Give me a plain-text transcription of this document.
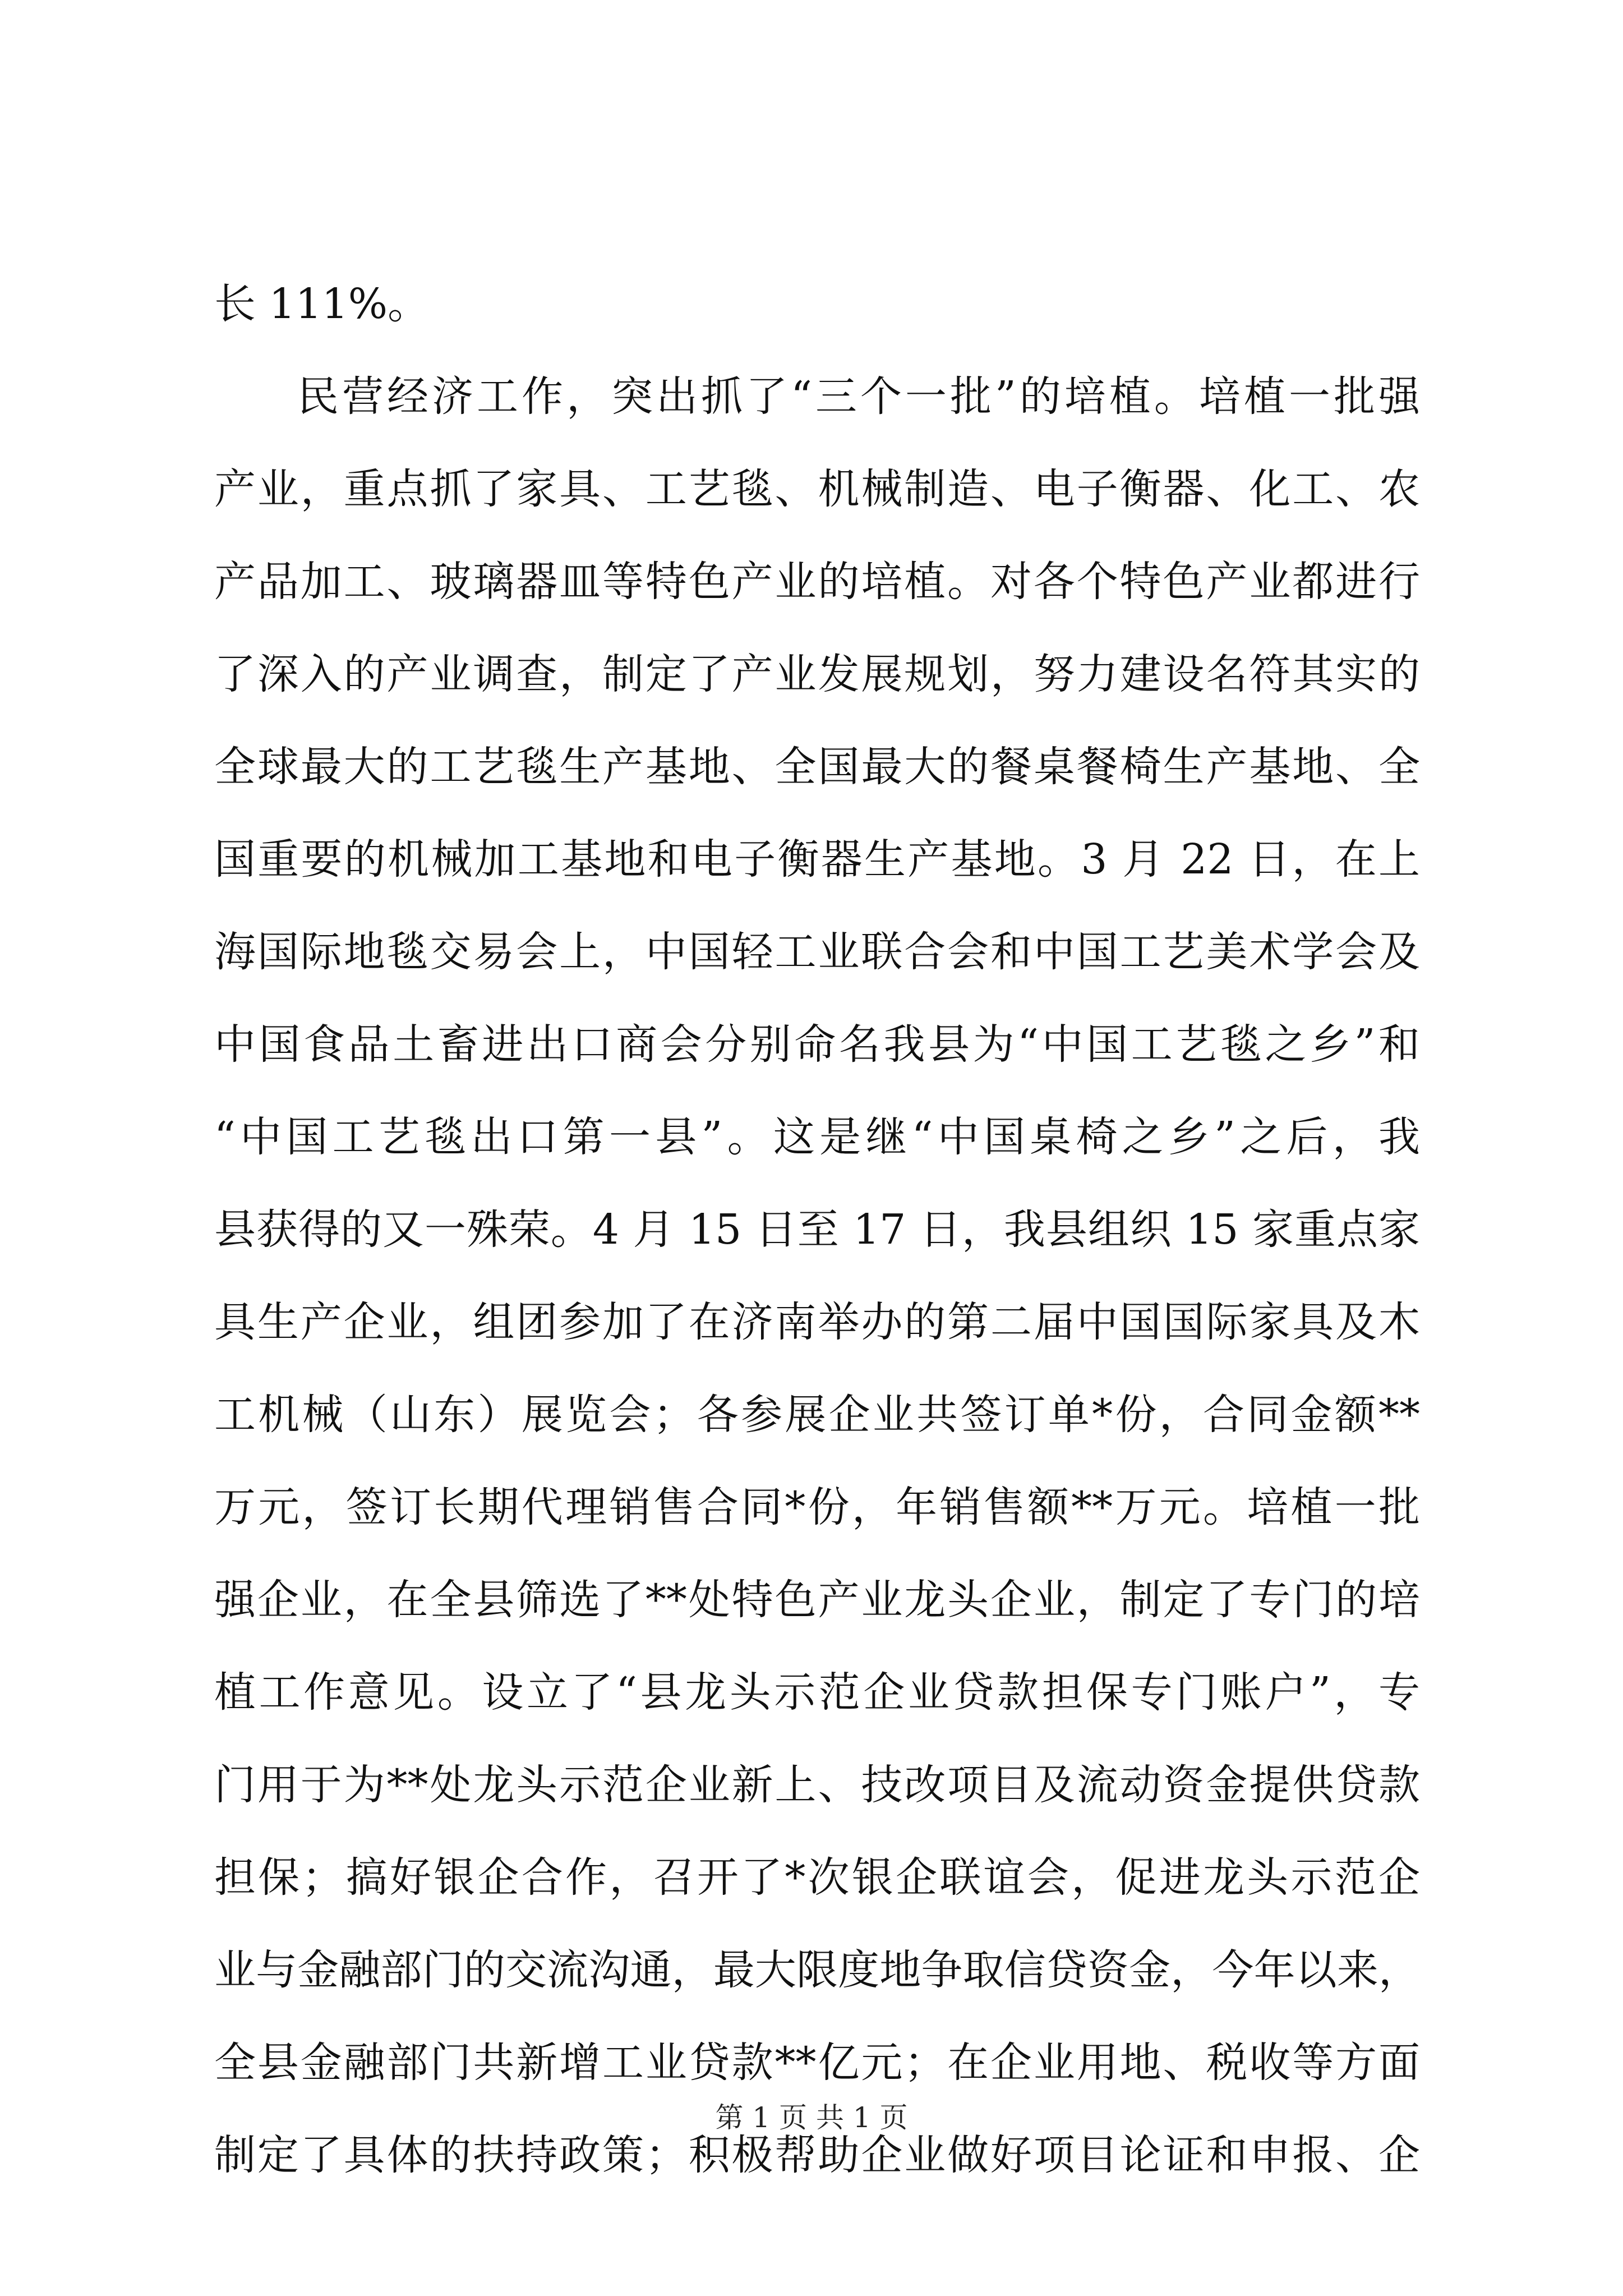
长 111%。
民营经济工作，突出抓了“三个一批”的培植。培植一批强
产业，重点抓了家具、工艺毯、机械制造、电子衡器、化工、农
产品加工、玻璃器皿等特色产业的培植。对各个特色产业都进行
了深入的产业调查，制定了产业发展规划，努力建设名符其实的
全球最大的工艺毯生产基地、全国最大的餐桌餐椅生产基地、全
国重要的机械加工基地和电子衡器生产基地。3 月 22 日，在上
海国际地毯交易会上，中国轻工业联合会和中国工艺美术学会及
中国食品土畜进出口商会分别命名我县为“中国工艺毯之乡”和
“中国工艺毯出口第一县”。这是继“中国桌椅之乡”之后，我
县获得的又一殊荣。4 月 15 日至 17 日，我县组织 15 家重点家
具生产企业，组团参加了在济南举办的第二届中国国际家具及木
工机械（山东）展览会；各参展企业共签订单*份，合同金额**
万元，签订长期代理销售合同*份，年销售额**万元。培植一批
强企业，在全县筛选了**处特色产业龙头企业，制定了专门的培
植工作意见。设立了“县龙头示范企业贷款担保专门账户”，专
门用于为**处龙头示范企业新上、技改项目及流动资金提供贷款
担保；搞好银企合作，召开了*次银企联谊会，促进龙头示范企
业与金融部门的交流沟通，最大限度地争取信贷资金，今年以来，
全县金融部门共新增工业贷款**亿元；在企业用地、税收等方面
制定了具体的扶持政策；积极帮助企业做好项目论证和申报、企
第 1 页 共 1 页
